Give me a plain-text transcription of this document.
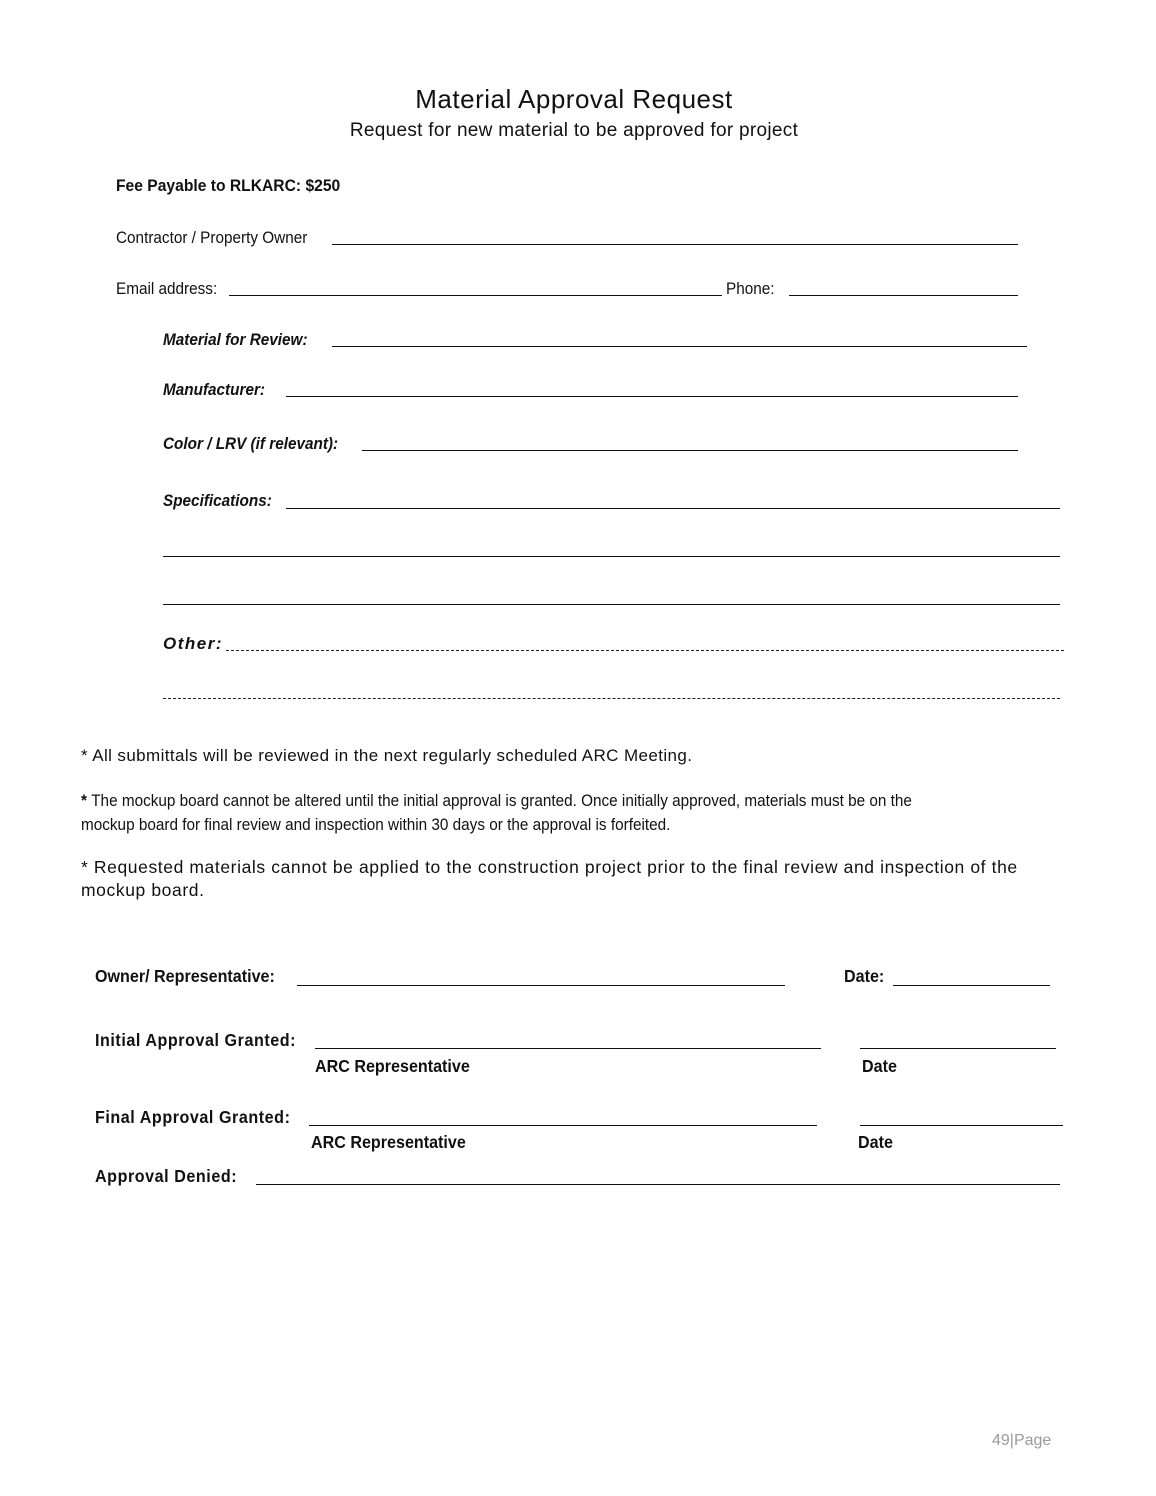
Material Approval Request
Request for new material to be approved for project
Fee Payable to RLKARC: $250
Contractor / Property Owner
Email address:	Phone:
Material for Review:
Manufacturer:
Color / LRV (if relevant):
Specifications:
Other:
* All submittals will be reviewed in the next regularly scheduled ARC Meeting.
* The mockup board cannot be altered until the initial approval is granted. Once initially approved, materials must be on the
mockup board for final review and inspection within 30 days or the approval is forfeited.
* Requested materials cannot be applied to the construction project prior to the final review and inspection of the mockup board.
Owner/ Representative:	Date:
Initial Approval Granted:
ARC Representative	Date
Final Approval Granted:
ARC Representative	Date
Approval Denied:
49|Page
